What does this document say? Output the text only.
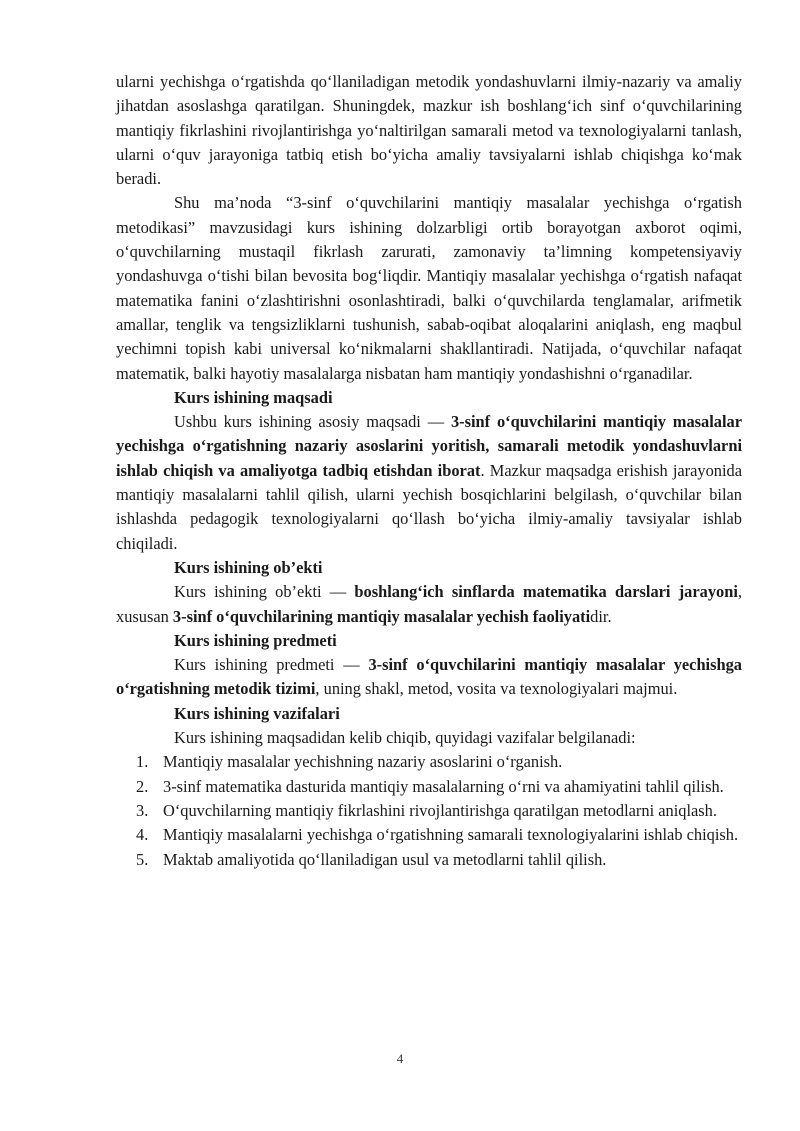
ularni yechishga o‘rgatishda qo‘llaniladigan metodik yondashuvlarni ilmiy-nazariy va amaliy jihatdan asoslashga qaratilgan. Shuningdek, mazkur ish boshlang‘ich sinf o‘quvchilarining mantiqiy fikrlashini rivojlantirishga yo‘naltirilgan samarali metod va texnologiyalarni tanlash, ularni o‘quv jarayoniga tatbiq etish bo‘yicha amaliy tavsiyalarni ishlab chiqishga ko‘mak beradi.

Shu ma’noda “3-sinf o‘quvchilarini mantiqiy masalalar yechishga o‘rgatish metodikasi” mavzusidagi kurs ishining dolzarbligi ortib borayotgan axborot oqimi, o‘quvchilarning mustaqil fikrlash zarurati, zamonaviy ta’limning kompetensiyaviy yondashuvga o‘tishi bilan bevosita bog‘liqdir. Mantiqiy masalalar yechishga o‘rgatish nafaqat matematika fanini o‘zlashtirishni osonlashtiradi, balki o‘quvchilarda tenglamalar, arifmetik amallar, tenglik va tengsizliklarni tushunish, sabab-oqibat aloqalarini aniqlash, eng maqbul yechimni topish kabi universal ko‘nikmalarni shakllantiradi. Natijada, o‘quvchilar nafaqat matematik, balki hayotiy masalalarga nisbatan ham mantiqiy yondashishni o‘rganadilar.

Kurs ishining maqsadi

Ushbu kurs ishining asosiy maqsadi — 3-sinf o‘quvchilarini mantiqiy masalalar yechishga o‘rgatishning nazariy asoslarini yoritish, samarali metodik yondashuvlarni ishlab chiqish va amaliyotga tadbiq etishdan iborat. Mazkur maqsadga erishish jarayonida mantiqiy masalalarni tahlil qilish, ularni yechish bosqichlarini belgilash, o‘quvchilar bilan ishlashda pedagogik texnologiyalarni qo‘llash bo‘yicha ilmiy-amaliy tavsiyalar ishlab chiqiladi.

Kurs ishining ob’ekti

Kurs ishining ob’ekti — boshlang‘ich sinflarda matematika darslari jarayoni, xususan 3-sinf o‘quvchilarining mantiqiy masalalar yechish faoliyatidir.

Kurs ishining predmeti

Kurs ishining predmeti — 3-sinf o‘quvchilarini mantiqiy masalalar yechishga o‘rgatishning metodik tizimi, uning shakl, metod, vosita va texnologiyalari majmui.

Kurs ishining vazifalari

Kurs ishining maqsadidan kelib chiqib, quyidagi vazifalar belgilanadi:

1. Mantiqiy masalalar yechishning nazariy asoslarini o‘rganish.
2. 3-sinf matematika dasturida mantiqiy masalalarning o‘rni va ahamiyatini tahlil qilish.
3. O‘quvchilarning mantiqiy fikrlashini rivojlantirishga qaratilgan metodlarni aniqlash.
4. Mantiqiy masalalarni yechishga o‘rgatishning samarali texnologiyalarini ishlab chiqish.
5. Maktab amaliyotida qo‘llaniladigan usul va metodlarni tahlil qilish.
4
